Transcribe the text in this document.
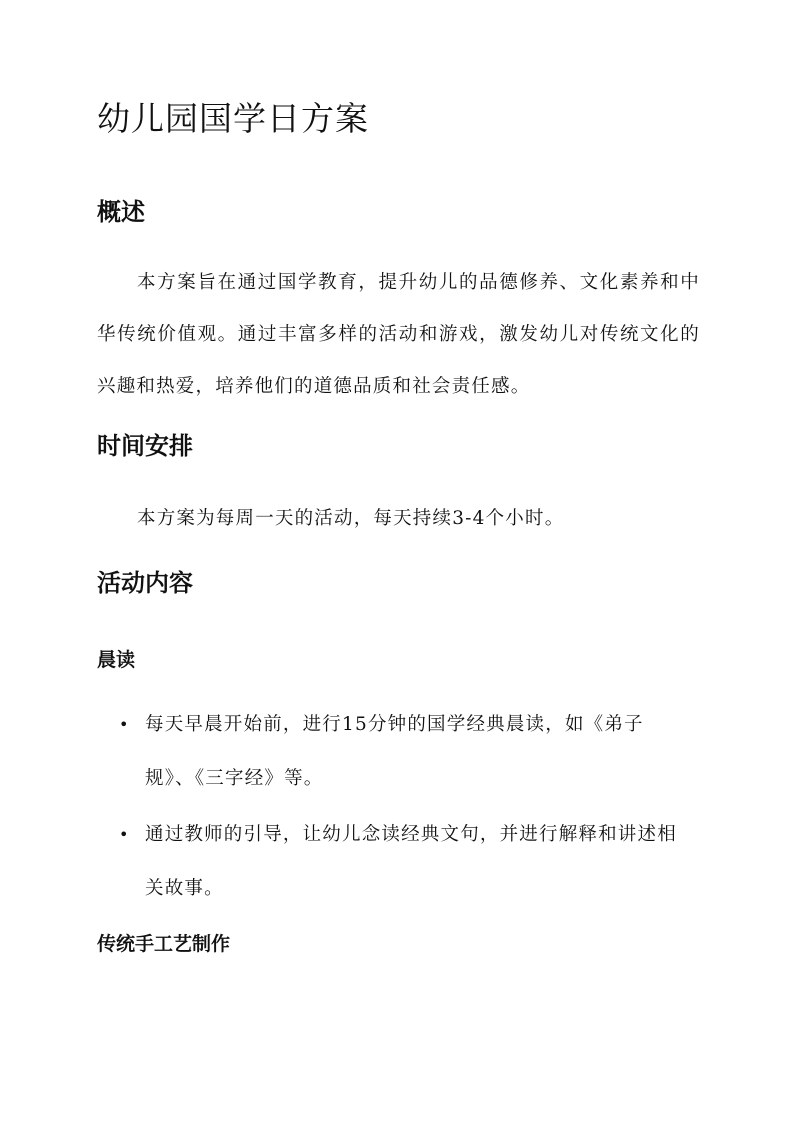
幼儿园国学日方案
概述

本方案旨在通过国学教育，提升幼儿的品德修养、文化素养和中华传统价值观。通过丰富多样的活动和游戏，激发幼儿对传统文化的兴趣和热爱，培养他们的道德品质和社会责任感。

时间安排

本方案为每周一天的活动，每天持续3-4个小时。

活动内容
晨读
• 每天早晨开始前，进行15分钟的国学经典晨读，如《弟子规》、《三字经》等。
• 通过教师的引导，让幼儿念读经典文句，并进行解释和讲述相关故事。
传统手工艺制作
